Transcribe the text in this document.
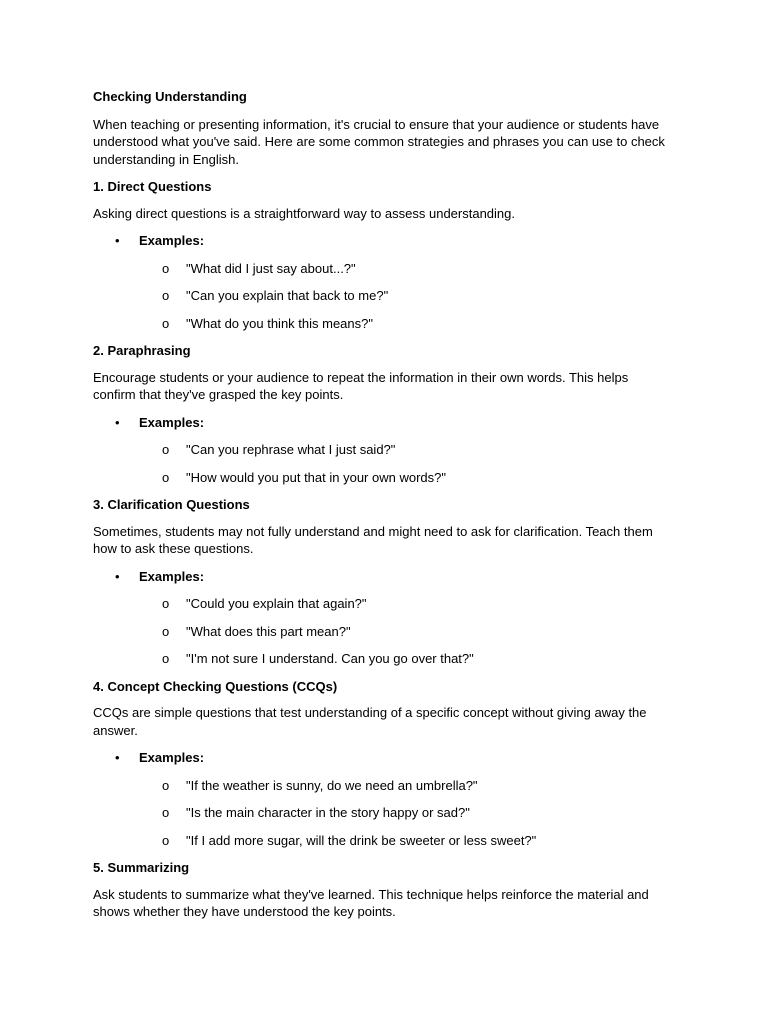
Checking Understanding

When teaching or presenting information, it's crucial to ensure that your audience or students have understood what you've said. Here are some common strategies and phrases you can use to check understanding in English.

1. Direct Questions

Asking direct questions is a straightforward way to assess understanding.

• Examples:
o "What did I just say about...?"
o "Can you explain that back to me?"
o "What do you think this means?"

2. Paraphrasing

Encourage students or your audience to repeat the information in their own words. This helps confirm that they've grasped the key points.

• Examples:
o "Can you rephrase what I just said?"
o "How would you put that in your own words?"

3. Clarification Questions

Sometimes, students may not fully understand and might need to ask for clarification. Teach them how to ask these questions.

• Examples:
o "Could you explain that again?"
o "What does this part mean?"
o "I'm not sure I understand. Can you go over that?"

4. Concept Checking Questions (CCQs)

CCQs are simple questions that test understanding of a specific concept without giving away the answer.

• Examples:
o "If the weather is sunny, do we need an umbrella?"
o "Is the main character in the story happy or sad?"
o "If I add more sugar, will the drink be sweeter or less sweet?"

5. Summarizing

Ask students to summarize what they've learned. This technique helps reinforce the material and shows whether they have understood the key points.
